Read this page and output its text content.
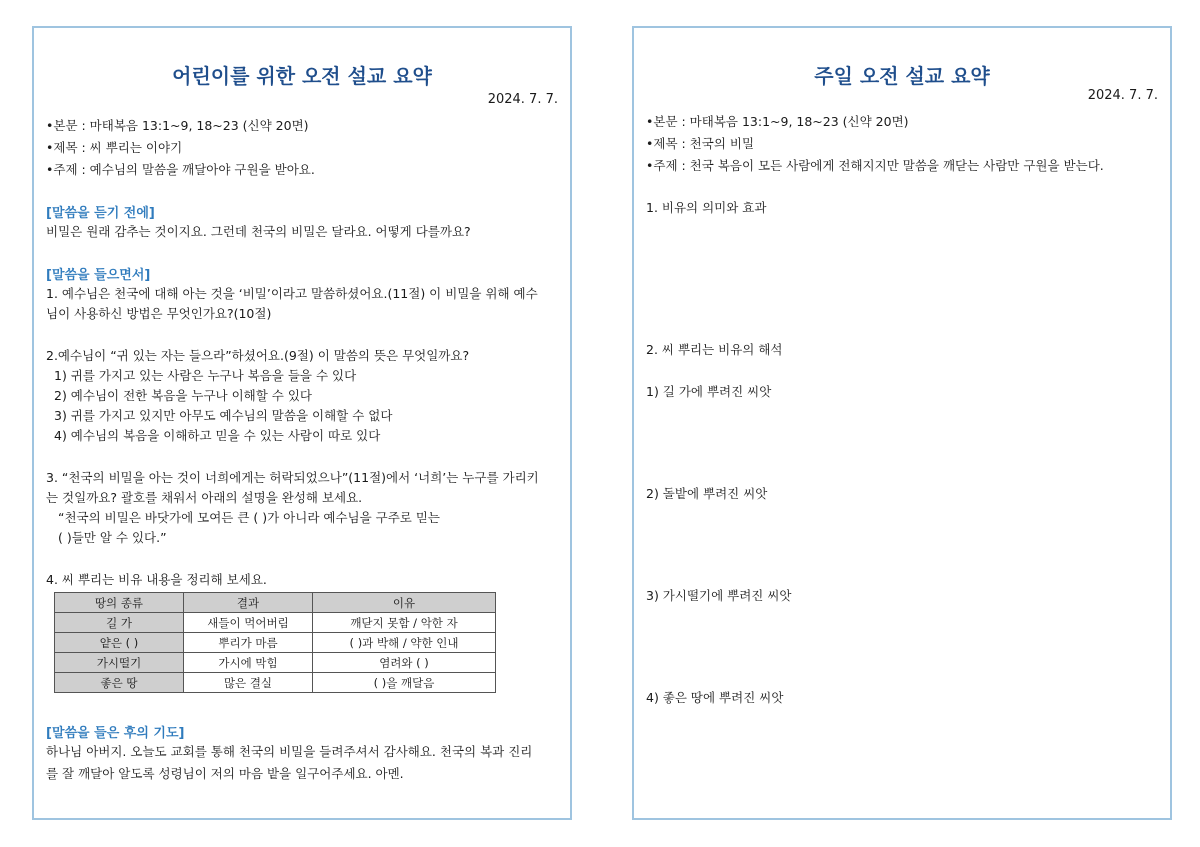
어린이를 위한 오전 설교 요약
2024. 7. 7.
•본문 : 마태복음 13:1~9, 18~23 (신약 20면)
•제목 : 씨 뿌리는 이야기
•주제 : 예수님의 말씀을 깨달아야 구원을 받아요.
[말씀을 듣기 전에]
비밀은 원래 감추는 것이지요. 그런데 천국의 비밀은 달라요. 어떻게 다를까요?
[말씀을 들으면서]
1. 예수님은 천국에 대해 아는 것을 ‘비밀’이라고 말씀하셨어요.(11절) 이 비밀을 위해 예수
님이 사용하신 방법은 무엇인가요?(10절)
2.예수님이 “귀 있는 자는 들으라”하셨어요.(9절) 이 말씀의 뜻은 무엇일까요?
1) 귀를 가지고 있는 사람은 누구나 복음을 들을 수 있다
2) 예수님이 전한 복음을 누구나 이해할 수 있다
3) 귀를 가지고 있지만 아무도 예수님의 말씀을 이해할 수 없다
4) 예수님의 복음을 이해하고 믿을 수 있는 사람이 따로 있다
3. “천국의 비밀을 아는 것이 너희에게는 허락되었으나”(11절)에서 ‘너희’는 누구를 가리키
는 것일까요? 괄호를 채워서 아래의 설명을 완성해 보세요.
“천국의 비밀은 바닷가에 모여든 큰 ( )가 아니라 예수님을 구주로 믿는
( )들만 알 수 있다.”
4. 씨 뿌리는 비유 내용을 정리해 보세요.
땅의 종류	결과	이유
길 가	새들이 먹어버림	깨닫지 못함 / 악한 자
얕은 ( )	뿌리가 마름	( )과 박해 / 약한 인내
가시떨기	가시에 막힘	염려와 ( )
좋은 땅	많은 결실	( )을 깨달음
[말씀을 들은 후의 기도]
하나님 아버지. 오늘도 교회를 통해 천국의 비밀을 들려주셔서 감사해요. 천국의 복과 진리
를 잘 깨달아 알도록 성령님이 저의 마음 밭을 일구어주세요. 아멘.
주일 오전 설교 요약
2024. 7. 7.
•본문 : 마태복음 13:1~9, 18~23 (신약 20면)
•제목 : 천국의 비밀
•주제 : 천국 복음이 모든 사람에게 전해지지만 말씀을 깨닫는 사람만 구원을 받는다.
1. 비유의 의미와 효과
2. 씨 뿌리는 비유의 해석
1) 길 가에 뿌려진 씨앗
2) 돌밭에 뿌려진 씨앗
3) 가시떨기에 뿌려진 씨앗
4) 좋은 땅에 뿌려진 씨앗
